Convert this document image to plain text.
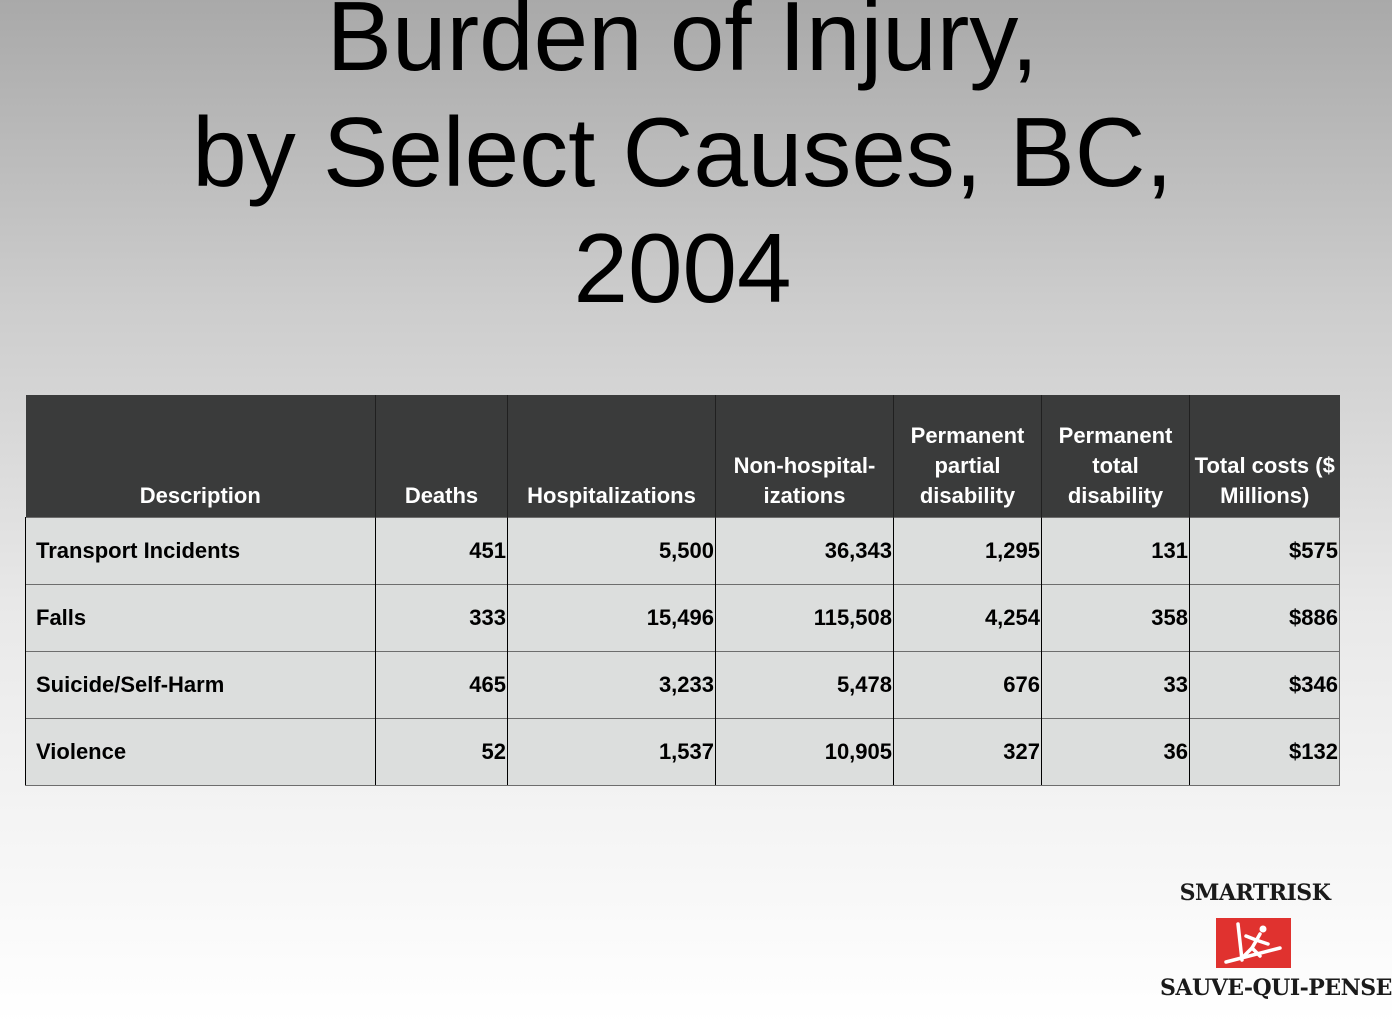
Burden of Injury,
by Select Causes, BC,
2004
Description	Deaths	Hospitalizations	Non-hospital-izations	Permanent partial disability	Permanent total disability	Total costs ($ Millions)
Transport Incidents	451	5,500	36,343	1,295	131	$575
Falls	333	15,496	115,508	4,254	358	$886
Suicide/Self-Harm	465	3,233	5,478	676	33	$346
Violence	52	1,537	10,905	327	36	$132
SMARTRISK
SAUVE-QUI-PENSE
